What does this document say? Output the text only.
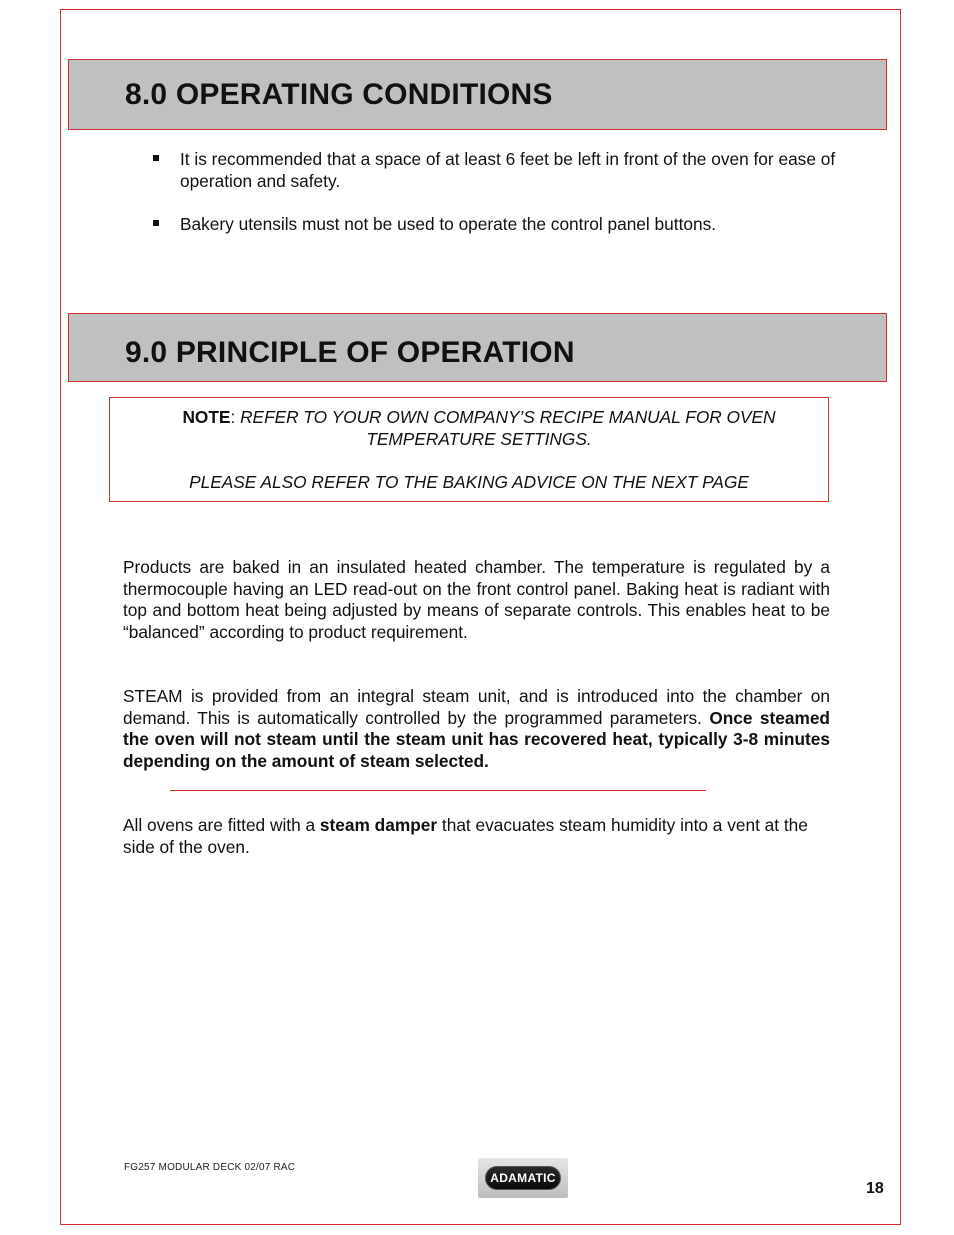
8.0 OPERATING CONDITIONS
It is recommended that a space of at least 6 feet be left in front of the oven for ease of operation and safety.
Bakery utensils must not be used to operate the control panel buttons.
9.0 PRINCIPLE OF OPERATION
NOTE: REFER TO YOUR OWN COMPANY’S RECIPE MANUAL FOR OVEN TEMPERATURE SETTINGS.
PLEASE ALSO REFER TO THE BAKING ADVICE ON THE NEXT PAGE

Products are baked in an insulated heated chamber. The temperature is regulated by a thermocouple having an LED read-out on the front control panel. Baking heat is radiant with top and bottom heat being adjusted by means of separate controls. This enables heat to be “balanced” according to product requirement.

STEAM is provided from an integral steam unit, and is introduced into the chamber on demand. This is automatically controlled by the programmed parameters. Once steamed the oven will not steam until the steam unit has recovered heat, typically 3-8 minutes depending on the amount of steam selected.

All ovens are fitted with a steam damper that evacuates steam humidity into a vent at the side of the oven.

FG257 MODULAR DECK 02/07 RAC
ADAMATIC
18
